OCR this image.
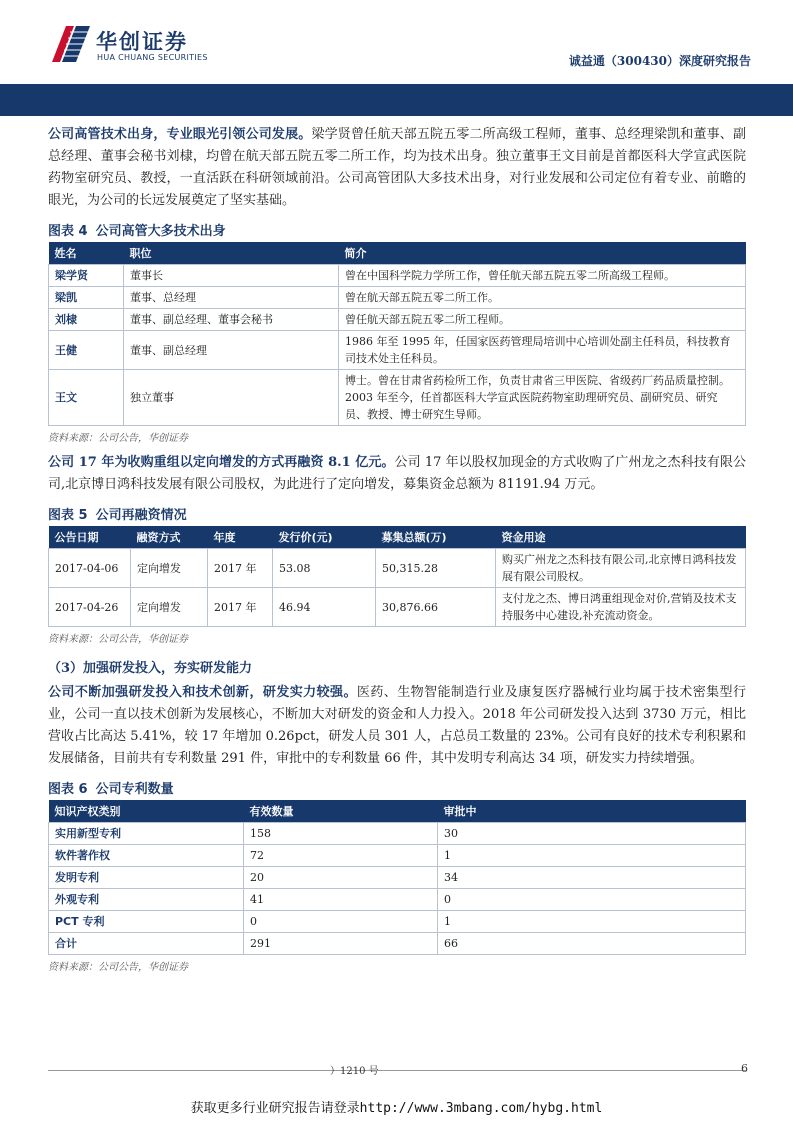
华创证券
HUA CHUANG SECURITIES	诚益通（300430）深度研究报告

公司高管技术出身，专业眼光引领公司发展。梁学贤曾任航天部五院五零二所高级工程师，董事、总经理梁凯和董事、副总经理、董事会秘书刘棣，均曾在航天部五院五零二所工作，均为技术出身。独立董事王文目前是首都医科大学宣武医院药物室研究员、教授，一直活跃在科研领域前沿。公司高管团队大多技术出身，对行业发展和公司定位有着专业、前瞻的眼光，为公司的长远发展奠定了坚实基础。

图表 4 公司高管大多技术出身
姓名	职位	简介
梁学贤	董事长	曾在中国科学院力学所工作，曾任航天部五院五零二所高级工程师。
梁凯	董事、总经理	曾在航天部五院五零二所工作。
刘棣	董事、副总经理、董事会秘书	曾任航天部五院五零二所工程师。
王健	董事、副总经理	1986 年至 1995 年，任国家医药管理局培训中心培训处副主任科员，科技教育司技术处主任科员。
王文	独立董事	博士。曾在甘肃省药检所工作，负责甘肃省三甲医院、省级药厂药品质量控制。2003 年至今，任首都医科大学宣武医院药物室助理研究员、副研究员、研究员、教授、博士研究生导师。
资料来源：公司公告，华创证券

公司 17 年为收购重组以定向增发的方式再融资 8.1 亿元。公司 17 年以股权加现金的方式收购了广州龙之杰科技有限公司,北京博日鸿科技发展有限公司股权，为此进行了定向增发，募集资金总额为 81191.94 万元。

图表 5 公司再融资情况
公告日期	融资方式	年度	发行价(元)	募集总额(万)	资金用途
2017-04-06	定向增发	2017 年	53.08	50,315.28	购买广州龙之杰科技有限公司,北京博日鸿科技发展有限公司股权。
2017-04-26	定向增发	2017 年	46.94	30,876.66	支付龙之杰、博日鸿重组现金对价,营销及技术支持服务中心建设,补充流动资金。
资料来源：公司公告，华创证券
（3）加强研发投入，夯实研发能力

公司不断加强研发投入和技术创新，研发实力较强。医药、生物智能制造行业及康复医疗器械行业均属于技术密集型行业，公司一直以技术创新为发展核心，不断加大对研发的资金和人力投入。2018 年公司研发投入达到 3730 万元，相比营收占比高达 5.41%，较 17 年增加 0.26pct，研发人员 301 人，占总员工数量的 23%。公司有良好的技术专利积累和发展储备，目前共有专利数量 291 件，审批中的专利数量 66 件，其中发明专利高达 34 项，研发实力持续增强。

图表 6 公司专利数量
知识产权类别	有效数量	审批中
实用新型专利	158	30
软件著作权	72	1
发明专利	20	34
外观专利	41	0
PCT 专利	0	1
合计	291	66
资料来源：公司公告，华创证券
）1210 号	6
获取更多行业研究报告请登录http://www.3mbang.com/hybg.html
